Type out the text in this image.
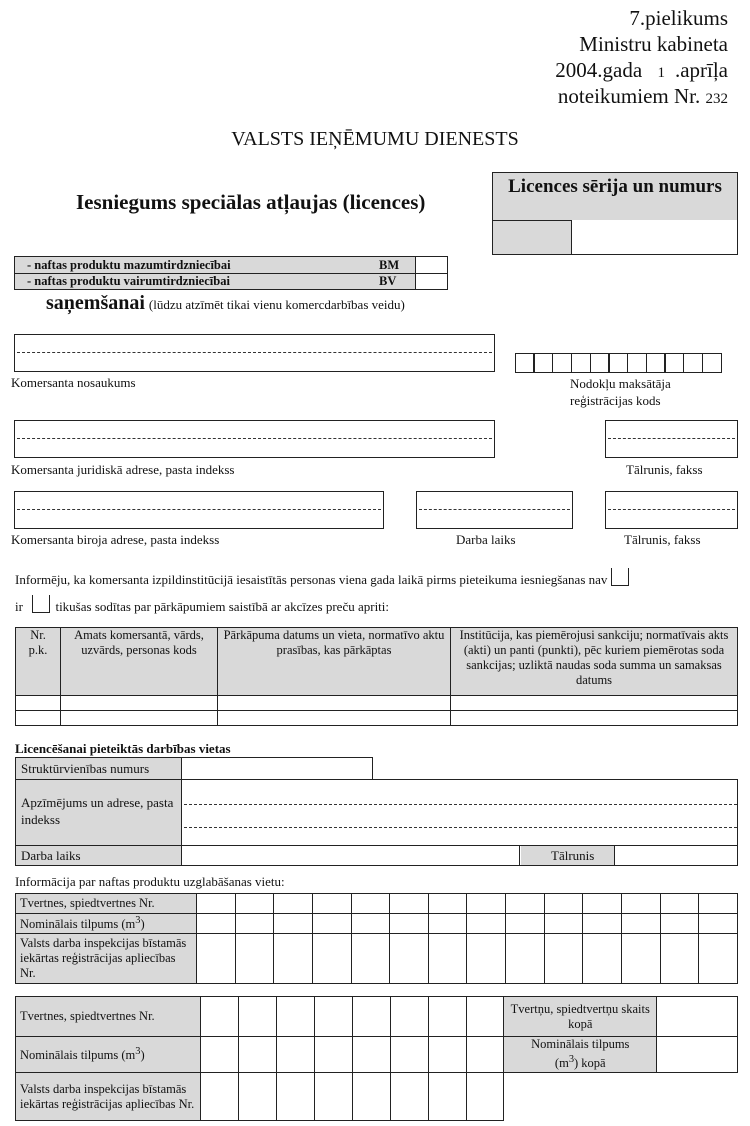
7.pielikums
Ministru kabineta
2004.gada 1 .aprīļa
noteikumiem Nr. 232
VALSTS IEŅĒMUMU DIENESTS
Iesniegums speciālas atļaujas (licences)
Licences sērija un numurs
- naftas produktu mazumtirdzniecībai	BM
- naftas produktu vairumtirdzniecībai	BV
saņemšanai (lūdzu atzīmēt tikai vienu komercdarbības veidu)
Komersanta nosaukums	Nodokļu maksātāja reģistrācijas kods
Komersanta juridiskā adrese, pasta indekss	Tālrunis, fakss
Komersanta biroja adrese, pasta indekss	Darba laiks	Tālrunis, fakss
Informēju, ka komersanta izpildinstitūcijā iesaistītās personas viena gada laikā pirms pieteikuma iesniegšanas nav
ir	tikušas sodītas par pārkāpumiem saistībā ar akcīzes preču apriti:
Nr. p.k.	Amats komersantā, vārds, uzvārds, personas kods	Pārkāpuma datums un vieta, normatīvo aktu prasības, kas pārkāptas	Institūcija, kas piemērojusi sankciju; normatīvais akts (akti) un panti (punkti), pēc kuriem piemērotas soda sankcijas; uzliktā naudas soda summa un samaksas datums

Licencēšanai pieteiktās darbības vietas
Struktūrvienības numurs
Apzīmējums un adrese, pasta indekss
Darba laiks	Tālrunis
Informācija par naftas produktu uzglabāšanas vietu:
Tvertnes, spiedtvertnes Nr.														
Nominālais tilpums $(m^3)$														
Valsts darba inspekcijas bīstamās iekārtas reģistrācijas apliecības Nr.														
Tvertnes, spiedtvertnes Nr.									Tvertņu, spiedtvertņu skaits kopā	
Nominālais tilpums $(m^3)$									Nominālais tilpums
$(m^3)$ kopā	
Valsts darba inspekcijas bīstamās iekārtas reģistrācijas apliecības Nr.										
